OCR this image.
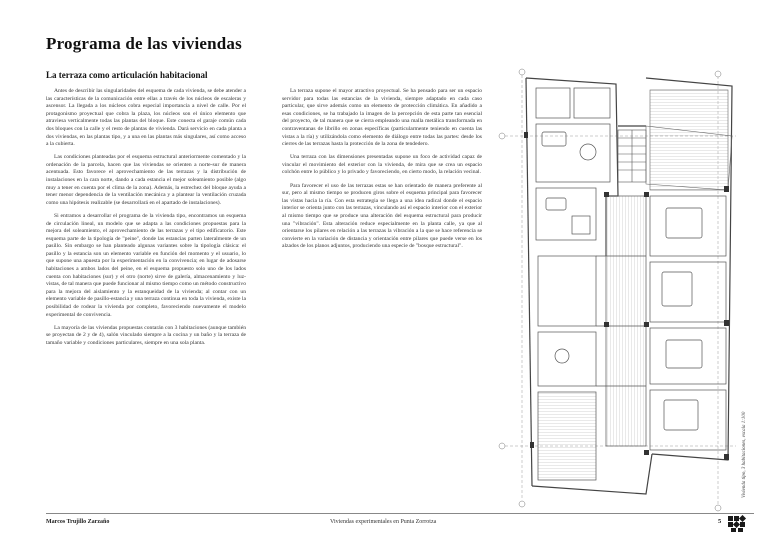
Programa de las viviendas
La terraza como articulación habitacional

Antes de describir las singularidades del esquema de cada vivienda, se debe atender a las características de la comunicación entre ellas a través de los núcleos de escaleras y ascensor. La llegada a los núcleos cobra especial importancia a nivel de calle. Por el protagonismo proyectual que cobra la plaza, los núcleos son el único elemento que atraviesa verticalmente todas las plantas del bloque. Este conecta el garaje común cada dos bloques con la calle y el resto de plantas de vivienda. Dará servicio en cada planta a dos viviendas, en las plantas tipo, y a una en las plantas más singulares, así como acceso a la cubierta.

Las condiciones planteadas por el esquema estructural anteriormente comentado y la ordenación de la parcela, hacen que las viviendas se orienten a norte-sur de manera acentuada. Esto favorece el aprovechamiento de las terrazas y la distribución de instalaciones en la cara norte, dando a cada estancia el mejor soleamiento posible (algo muy a tener en cuenta por el clima de la zona). Además, la estrechez del bloque ayuda a tener menor dependencia de la ventilación mecánica y a plantear la ventilación cruzada como una hipótesis realizable (se desarrollará en el apartado de instalaciones).

Si entramos a desarrollar el programa de la vivienda tipo, encontramos un esquema de circulación lineal, un modelo que se adapta a las condiciones propuestas para la mejora del soleamiento, el aprovechamiento de las terrazas y el tipo edificatorio. Este esquema parte de la tipología de "peine", donde las estancias parten lateralmente de un pasillo. Sin embargo se han planteado algunas variantes sobre la tipología clásica: el pasillo y la estancia son un elemento variable en función del momento y el usuario, lo que supone una apuesta por la experimentación en la convivencia; en lugar de adosarse habitaciones a ambos lados del peine, en el esquema propuesto solo uno de los lados cuenta con habitaciones (sur) y el otro (norte) sirve de galería, almacenamiento y luz-vistas, de tal manera que puede funcionar al mismo tiempo como un método constructivo para la mejora del aislamiento y la estanqueidad de la vivienda; al contar con un elemento variable de pasillo-estancia y una terraza continua en toda la vivienda, existe la posibilidad de rodear la vivienda por completo, favoreciendo nuevamente el modelo experimental de convivencia.

La mayoría de las viviendas propuestas contarán con 3 habitaciones (aunque también se proyectan de 2 y de 4), salón vinculado siempre a la cocina y un baño y la terraza de tamaño variable y condiciones particulares, siempre en una sola planta.

La terraza supone el mayor atractivo proyectual. Se ha pensado para ser un espacio servidor para todas las estancias de la vivienda, siempre adaptado en cada caso particular, que sirve además como un elemento de protección climática. En añadido a esas condiciones, se ha trabajado la imagen de la percepción de esta parte tan esencial del proyecto, de tal manera que se cierra empleando una malla metálica transformada en contraventanas de librillo en zonas específicas (particularmente teniendo en cuenta las vistas a la ría) y utilizándola como elemento de diálogo entre todas las partes: desde los cierres de las terrazas hasta la protección de la zona de tendedero.

Una terraza con las dimensiones presentadas supone un foco de actividad capaz de vincular el movimiento del exterior con la vivienda, de mira que se crea un espacio colchón entre lo público y lo privado y favoreciendo, en cierto modo, la relación vecinal.

Para favorecer el uso de las terrazas estas se han orientado de manera preferente al sur, pero al mismo tiempo se producen giros sobre el esquema principal para favorecer las vistas hacia la ría. Con esta estrategia se llega a una idea radical donde el espacio interior se orienta junto con las terrazas, vinculando así el espacio interior con el exterior al mismo tiempo que se produce una alteración del esquema estructural para producir una "vibración". Esta alteración reduce especialmente en la planta calle, ya que al orientarse los pilares en relación a las terrazas la vibración a la que se hace referencia se convierte en la variación de distancia y orientación entre pilares que puede verse en los alzados de los planos adjuntos, produciendo una especie de "bosque estructural".

Vivienda tipo, 3 habitaciones, escala 1:100
Marcos Trujillo Zarzaño	Viviendas experimentales en Punta Zorrotza	5
